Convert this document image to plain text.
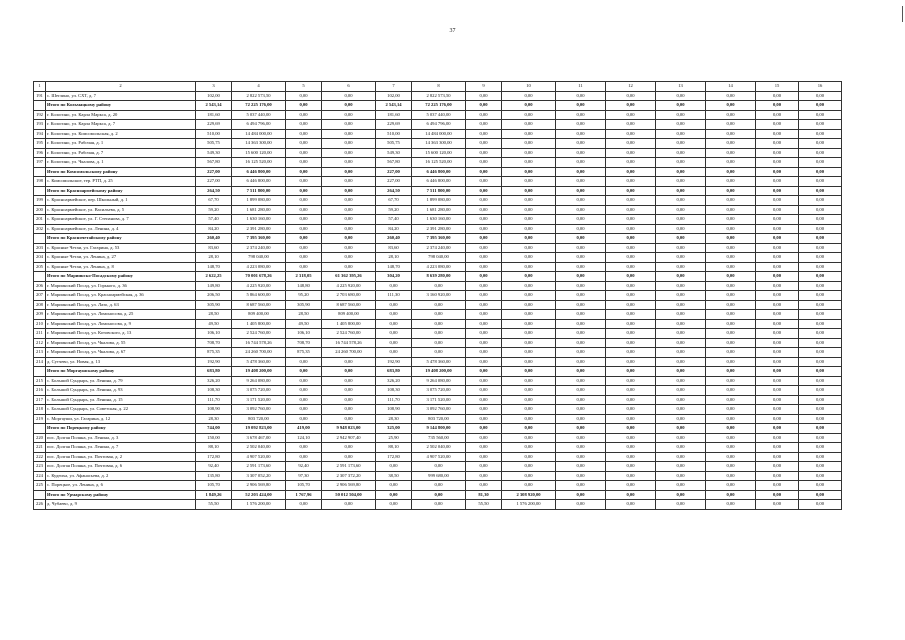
37
1	2	3	4	5	6	7	8	9	10	11	12	13	14	15	16
191	с. Шеглино, ул. СХТ, д. 7	102,00	2 822 573,50	0,00	0,00	102,00	2 822 573,50	0,00	0,00	0,00	0,00	0,00	0,00	0,00	0,00
	Итого по Кольмацкому району	2 543,14	72 225 176,00	0,00	0,00	2 543,14	72 225 176,00	0,00	0,00	0,00	0,00	0,00	0,00	0,00	0,00
192	г. Кологино, ул. Карла Маркса, д. 20	181,60	5 037 440,00	0,00	0,00	181,60	5 037 440,00	0,00	0,00	0,00	0,00	0,00	0,00	0,00	0,00
193	г. Кологино, ул. Карла Маркса, д. 7	229,69	6 494 796,00	0,00	0,00	229,69	6 494 796,00	0,00	0,00	0,00	0,00	0,00	0,00	0,00	0,00
194	г. Кологино, ул. Комсомольская, д. 2	510,00	14 484 000,00	0,00	0,00	510,00	14 484 000,00	0,00	0,00	0,00	0,00	0,00	0,00	0,00	0,00
195	г. Кологино, ул. Рабочая, д. 1	505,75	14 363 300,00	0,00	0,00	505,75	14 363 300,00	0,00	0,00	0,00	0,00	0,00	0,00	0,00	0,00
196	г. Кологино, ул. Рабочая, д. 7	549,30	15 600 120,00	0,00	0,00	549,30	15 600 120,00	0,00	0,00	0,00	0,00	0,00	0,00	0,00	0,00
197	г. Кологино, ул. Чкалова, д. 1	567,80	16 125 520,00	0,00	0,00	567,80	16 125 520,00	0,00	0,00	0,00	0,00	0,00	0,00	0,00	0,00
	Итого по Комсомольскому району	227,00	6 446 800,00	0,00	0,00	227,00	6 446 800,00	0,00	0,00	0,00	0,00	0,00	0,00	0,00	0,00
198	с. Комсомольское, тер. РТП, д. 25	227,00	6 446 800,00	0,00	0,00	227,00	6 446 800,00	0,00	0,00	0,00	0,00	0,00	0,00	0,00	0,00
	Итого по Красноармейскому району	264,50	7 511 800,00	0,00	0,00	264,50	7 511 800,00	0,00	0,00	0,00	0,00	0,00	0,00	0,00	0,00
199	с. Красноармейское, пер. Школьный, д. 1	67,70	1 899 080,00	0,00	0,00	67,70	1 899 080,00	0,00	0,00	0,00	0,00	0,00	0,00	0,00	0,00
200	с. Красноармейское, ул. Васильева, д. 5	59,20	1 681 280,00	0,00	0,00	59,20	1 681 280,00	0,00	0,00	0,00	0,00	0,00	0,00	0,00	0,00
201	с. Красноармейское, ул. Г. Степанова, д. 7	57,40	1 630 160,00	0,00	0,00	57,40	1 630 160,00	0,00	0,00	0,00	0,00	0,00	0,00	0,00	0,00
202	с. Красноармейское, ул. Ленина, д. 4	84,20	2 391 280,00	0,00	0,00	84,20	2 391 280,00	0,00	0,00	0,00	0,00	0,00	0,00	0,00	0,00
	Итого по Красночетайскому району	260,40	7 395 360,00	0,00	0,00	260,40	7 395 360,00	0,00	0,00	0,00	0,00	0,00	0,00	0,00	0,00
203	с. Красные Четаи, ул. Гагарина, д. 53	83,60	2 374 240,00	0,00	0,00	83,60	2 374 240,00	0,00	0,00	0,00	0,00	0,00	0,00	0,00	0,00
204	с. Красные Четаи, ул. Ленина, д. 27	28,10	798 040,00	0,00	0,00	28,10	798 040,00	0,00	0,00	0,00	0,00	0,00	0,00	0,00	0,00
205	с. Красные Четаи, ул. Ленина, д. 8	148,70	4 223 080,00	0,00	0,00	148,70	4 223 080,00	0,00	0,00	0,00	0,00	0,00	0,00	0,00	0,00
	Итого по Мариинско-Посадскому району	2 622,25	70 001 678,26	2 318,05	61 362 395,26	304,20	8 639 280,00	0,00	0,00	0,00	0,00	0,00	0,00	0,00	0,00
206	г. Мариинский Посад, ул. Горького, д. 36	149,80	4 225 920,00	148,80	4 225 920,00	0,00	0,00	0,00	0,00	0,00	0,00	0,00	0,00	0,00	0,00
207	г. Мариинский Посад, ул. Красноармейская, д. 36	206,50	5 864 600,00	95,20	2 703 680,00	111,30	3 160 920,00	0,00	0,00	0,00	0,00	0,00	0,00	0,00	0,00
208	г. Мариинский Посад, ул. Лазо, д. 63	305,90	8 687 560,00	305,90	8 687 560,00	0,00	0,00	0,00	0,00	0,00	0,00	0,00	0,00	0,00	0,00
209	г. Мариинский Посад, ул. Ломоносова, д. 25	28,50	809 400,00	28,50	809 400,00	0,00	0,00	0,00	0,00	0,00	0,00	0,00	0,00	0,00	0,00
210	г. Мариинский Посад, ул. Ломоносова, д. 9	49,50	1 405 800,00	49,50	1 405 800,00	0,00	0,00	0,00	0,00	0,00	0,00	0,00	0,00	0,00	0,00
211	г. Мариинский Посад, ул. Котовского, д. 13	106,10	2 524 760,00	106,10	2 524 760,00	0,00	0,00	0,00	0,00	0,00	0,00	0,00	0,00	0,00	0,00
212	г. Мариинский Посад, ул. Чкалова, д. 55	708,70	16 744 578,26	708,70	16 744 578,26	0,00	0,00	0,00	0,00	0,00	0,00	0,00	0,00	0,00	0,00
213	г. Мариинский Посад, ул. Чкалова, д. 67	875,35	24 260 700,00	875,35	24 260 700,00	0,00	0,00	0,00	0,00	0,00	0,00	0,00	0,00	0,00	0,00
214	д. Сутчево, ул. Новая, д. 13	192,90	5 478 360,00	0,00	0,00	192,90	5 478 360,00	0,00	0,00	0,00	0,00	0,00	0,00	0,00	0,00
	Итого по Моргаушскому району	683,80	19 408 200,00	0,00	0,00	683,80	19 408 200,00	0,00	0,00	0,00	0,00	0,00	0,00	0,00	0,00
215	с. Большой Сундырь, ул. Ленина, д. 79	326,20	9 264 080,00	0,00	0,00	326,20	9 264 080,00	0,00	0,00	0,00	0,00	0,00	0,00	0,00	0,00
216	с. Большой Сундырь, ул. Ленина, д. 93	108,30	3 075 720,00	0,00	0,00	108,30	3 075 720,00	0,00	0,00	0,00	0,00	0,00	0,00	0,00	0,00
217	с. Большой Сундырь, ул. Ленина, д. 15	111,70	3 171 520,00	0,00	0,00	111,70	3 171 520,00	0,00	0,00	0,00	0,00	0,00	0,00	0,00	0,00
218	с. Большой Сундырь, ул. Советская, д. 22	108,90	3 092 760,00	0,00	0,00	108,90	3 092 760,00	0,00	0,00	0,00	0,00	0,00	0,00	0,00	0,00
219	с. Моргауши, ул. Гагарина, д. 12	28,30	803 720,00	0,00	0,00	28,30	803 720,00	0,00	0,00	0,00	0,00	0,00	0,00	0,00	0,00
	Итого по Порецкому району	744,00	19 092 823,00	419,00	9 948 023,00	325,00	9 144 800,00	0,00	0,00	0,00	0,00	0,00	0,00	0,00	0,00
220	пос. Долгая Поляна, ул. Ленина, д. 3	150,00	3 678 467,00	124,10	2 942 907,40	25,90	735 560,00	0,00	0,00	0,00	0,00	0,00	0,00	0,00	0,00
221	пос. Долгая Поляна, ул. Ленина, д. 7	88,10	2 502 040,00	0,00	0,00	88,10	2 502 040,00	0,00	0,00	0,00	0,00	0,00	0,00	0,00	0,00
222	пос. Долгая Поляна, ул. Почтовая, д. 2	172,80	4 907 520,00	0,00	0,00	172,80	4 907 520,00	0,00	0,00	0,00	0,00	0,00	0,00	0,00	0,00
223	пос. Долгая Поляна, ул. Почтовая, д. 6	92,40	2 591 173,60	92,40	2 591 173,60	0,00	0,00	0,00	0,00	0,00	0,00	0,00	0,00	0,00	0,00
224	с. Кудеиха, ул. Афанасьева, д. 2	135,80	3 307 052,20	97,30	2 307 372,20	38,50	999 680,00	0,00	0,00	0,00	0,00	0,00	0,00	0,00	0,00
225	с. Порецкое, ул. Ленина, д. 6	105,70	2 906 569,80	105,70	2 906 569,80	0,00	0,00	0,00	0,00	0,00	0,00	0,00	0,00	0,00	0,00
	Итого по Урмарскому району	1 849,26	52 203 424,00	1 767,96	50 012 504,00	0,00	0,00	81,30	2 308 920,00	0,00	0,00	0,00	0,00	0,00	0,00
226	д. Чубаево, д. 9	55,50	1 576 200,00	0,00	0,00	0,00	0,00	55,50	1 576 200,00	0,00	0,00	0,00	0,00	0,00	0,00
